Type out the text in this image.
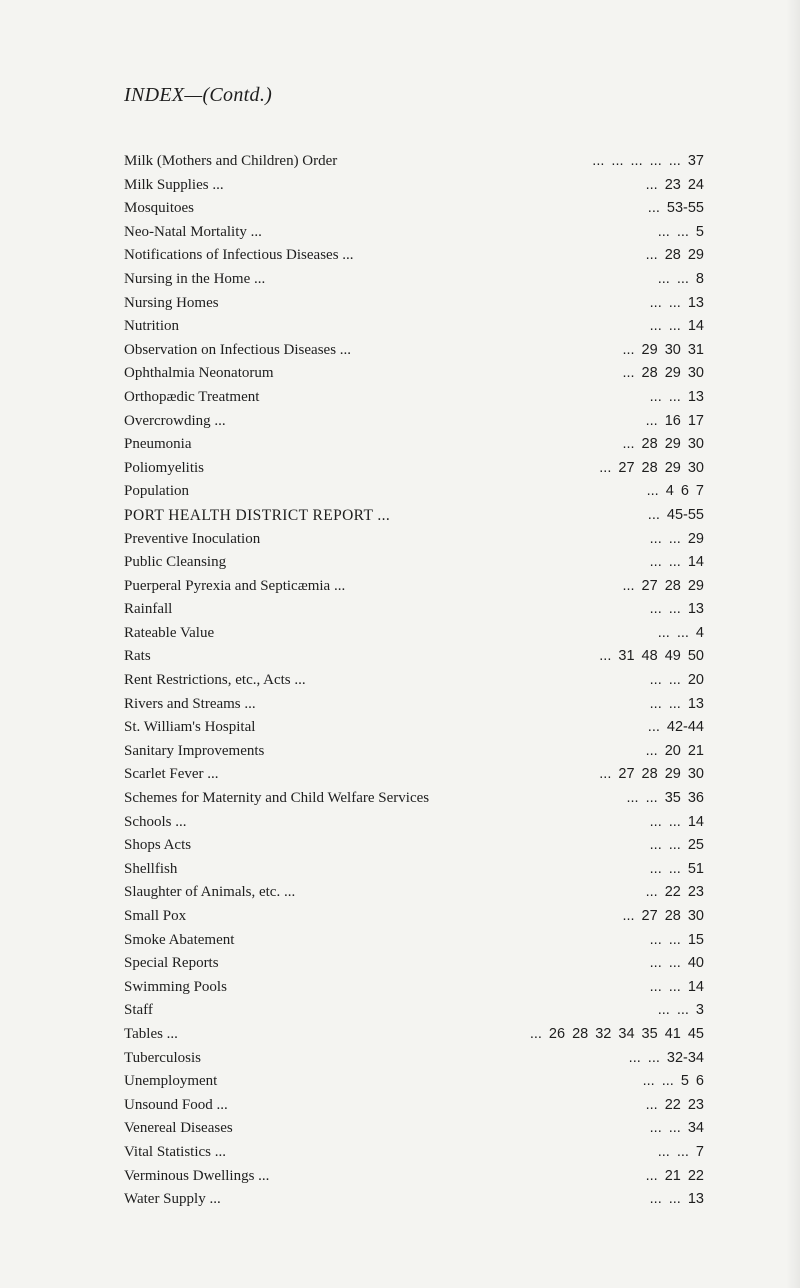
INDEX—(Contd.)
Milk (Mothers and Children) Order	... ... ... ... ... 37
Milk Supplies ...	... 23 24
Mosquitoes	... 53-55
Neo-Natal Mortality ...	... ... 5
Notifications of Infectious Diseases ...	... 28 29
Nursing in the Home ...	... ... 8
Nursing Homes	... ... 13
Nutrition	... ... 14
Observation on Infectious Diseases ...	... 29 30 31
Ophthalmia Neonatorum	... 28 29 30
Orthopædic Treatment	... ... 13
Overcrowding ...	... 16 17
Pneumonia	... 28 29 30
Poliomyelitis	... 27 28 29 30
Population	... 4 6 7
PORT HEALTH DISTRICT REPORT ...	... 45-55
Preventive Inoculation	... ... 29
Public Cleansing	... ... 14
Puerperal Pyrexia and Septicæmia ...	... 27 28 29
Rainfall	... ... 13
Rateable Value	... ... 4
Rats	... 31 48 49 50
Rent Restrictions, etc., Acts ...	... ... 20
Rivers and Streams ...	... ... 13
St. William's Hospital	... 42-44
Sanitary Improvements	... 20 21
Scarlet Fever ...	... 27 28 29 30
Schemes for Maternity and Child Welfare Services	... ... 35 36
Schools ...	... ... 14
Shops Acts	... ... 25
Shellfish	... ... 51
Slaughter of Animals, etc. ...	... 22 23
Small Pox	... 27 28 30
Smoke Abatement	... ... 15
Special Reports	... ... 40
Swimming Pools	... ... 14
Staff	... ... 3
Tables ...	... 26 28 32 34 35 41 45
Tuberculosis	... ... 32-34
Unemployment	... ... 5 6
Unsound Food ...	... 22 23
Venereal Diseases	... ... 34
Vital Statistics ...	... ... 7
Verminous Dwellings ...	... 21 22
Water Supply ...	... ... 13
